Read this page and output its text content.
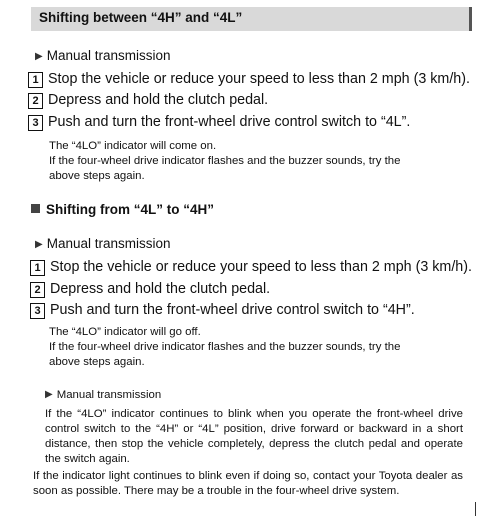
Shifting between “4H” and “4L”
▶ Manual transmission
1 Stop the vehicle or reduce your speed to less than 2 mph (3 km/h).
2 Depress and hold the clutch pedal.
3 Push and turn the front-wheel drive control switch to “4L”.
The “4LO” indicator will come on.
If the four-wheel drive indicator flashes and the buzzer sounds, try the
above steps again.
Shifting from “4L” to “4H”
▶ Manual transmission
1 Stop the vehicle or reduce your speed to less than 2 mph (3 km/h).
2 Depress and hold the clutch pedal.
3 Push and turn the front-wheel drive control switch to “4H”.
The “4LO” indicator will go off.
If the four-wheel drive indicator flashes and the buzzer sounds, try the
above steps again.
▶ Manual transmission
If the “4LO” indicator continues to blink when you operate the front-wheel drive control switch to the “4H” or “4L” position, drive forward or backward in a short distance, then stop the vehicle completely, depress the clutch pedal and operate the switch again.
If the indicator light continues to blink even if doing so, contact your Toyota dealer as soon as possible. There may be a trouble in the four-wheel drive system.
